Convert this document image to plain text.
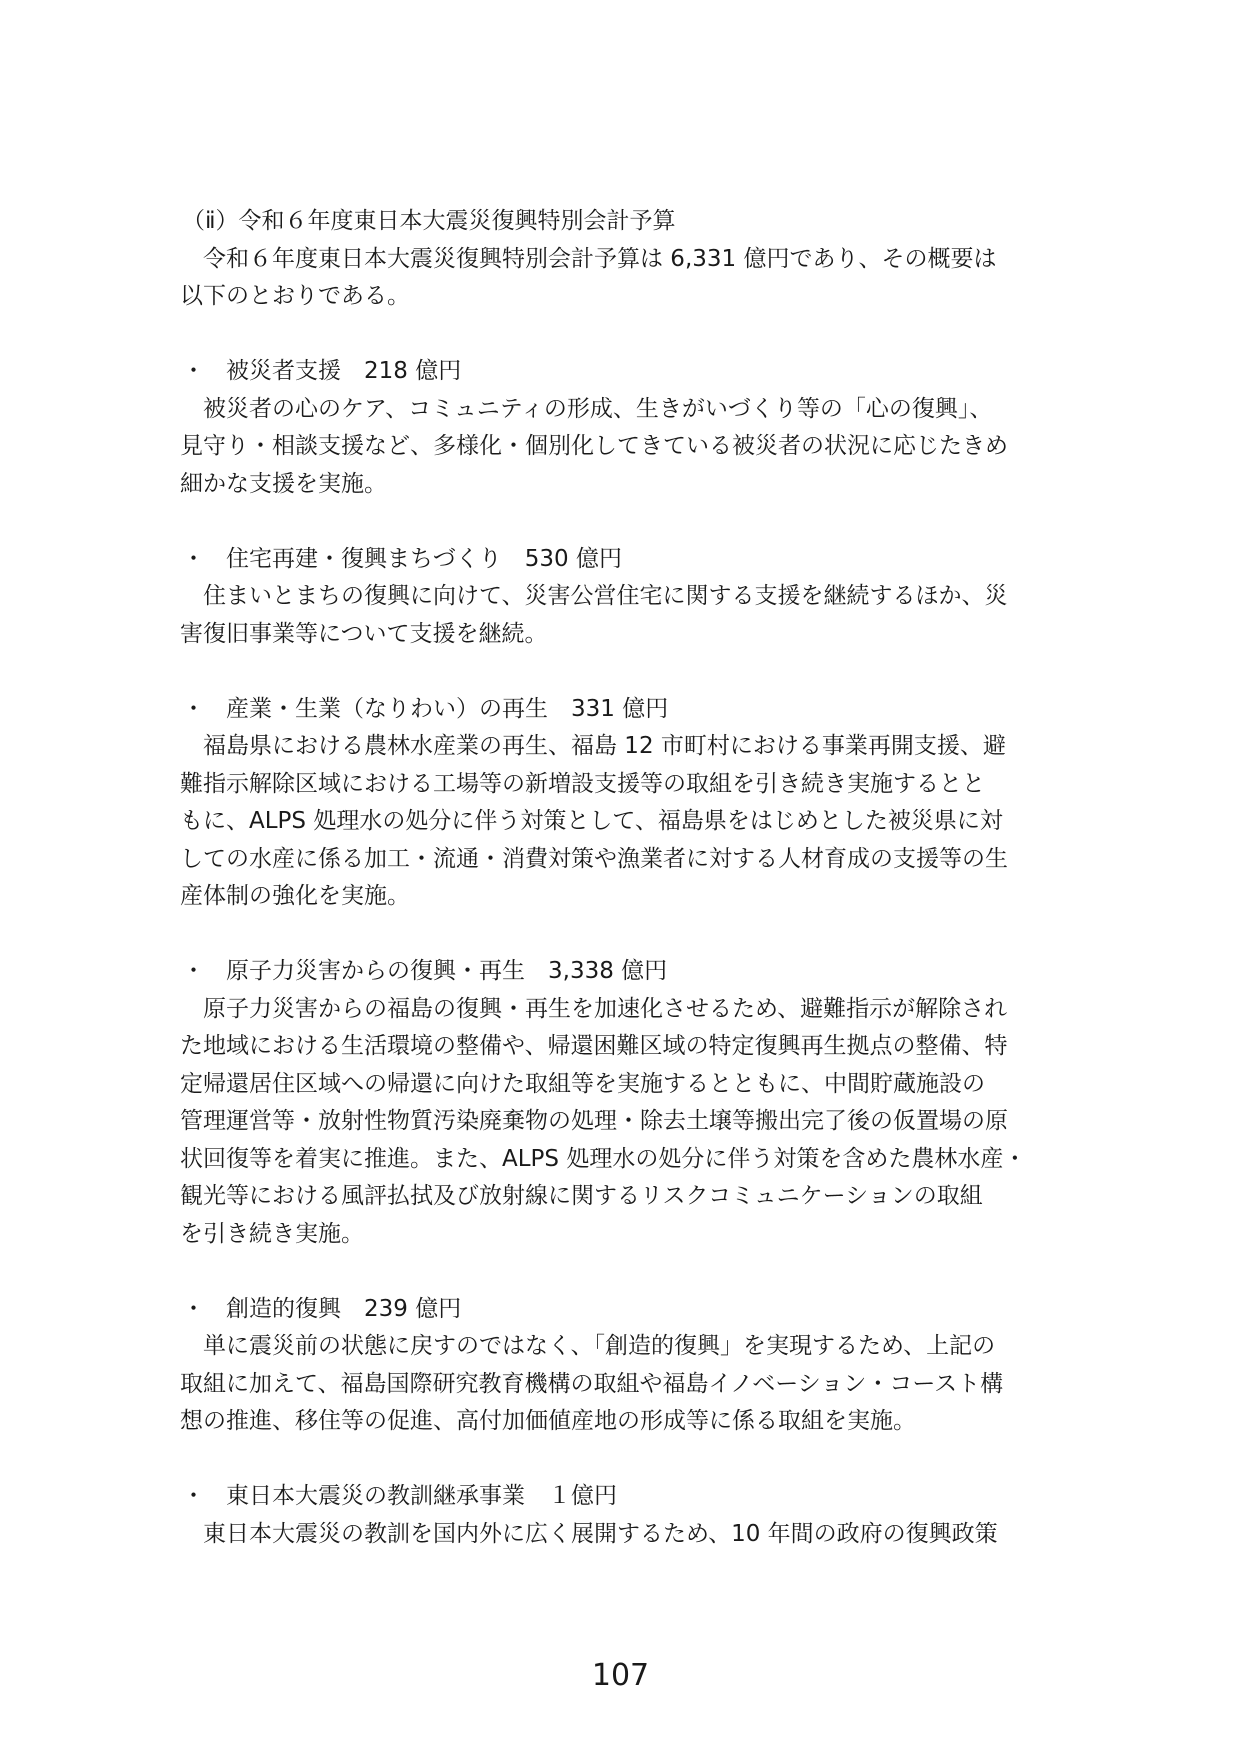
（ⅱ）令和６年度東日本大震災復興特別会計予算
令和６年度東日本大震災復興特別会計予算は 6,331 億円であり、その概要は
以下のとおりである。
・ 被災者支援　218 億円
被災者の心のケア、コミュニティの形成、生きがいづくり等の「心の復興」、
見守り・相談支援など、多様化・個別化してきている被災者の状況に応じたきめ
細かな支援を実施。
・ 住宅再建・復興まちづくり　530 億円
住まいとまちの復興に向けて、災害公営住宅に関する支援を継続するほか、災
害復旧事業等について支援を継続。
・ 産業・生業（なりわい）の再生　331 億円
福島県における農林水産業の再生、福島 12 市町村における事業再開支援、避
難指示解除区域における工場等の新増設支援等の取組を引き続き実施するとと
もに、ALPS 処理水の処分に伴う対策として、福島県をはじめとした被災県に対
しての水産に係る加工・流通・消費対策や漁業者に対する人材育成の支援等の生
産体制の強化を実施。
・ 原子力災害からの復興・再生　3,338 億円
原子力災害からの福島の復興・再生を加速化させるため、避難指示が解除され
た地域における生活環境の整備や、帰還困難区域の特定復興再生拠点の整備、特
定帰還居住区域への帰還に向けた取組等を実施するとともに、中間貯蔵施設の
管理運営等・放射性物質汚染廃棄物の処理・除去土壌等搬出完了後の仮置場の原
状回復等を着実に推進。また、ALPS 処理水の処分に伴う対策を含めた農林水産・
観光等における風評払拭及び放射線に関するリスクコミュニケーションの取組
を引き続き実施。
・ 創造的復興　239 億円
単に震災前の状態に戻すのではなく、「創造的復興」を実現するため、上記の
取組に加えて、福島国際研究教育機構の取組や福島イノベーション・コースト構
想の推進、移住等の促進、高付加価値産地の形成等に係る取組を実施。
・ 東日本大震災の教訓継承事業　１億円
東日本大震災の教訓を国内外に広く展開するため、10 年間の政府の復興政策
107
